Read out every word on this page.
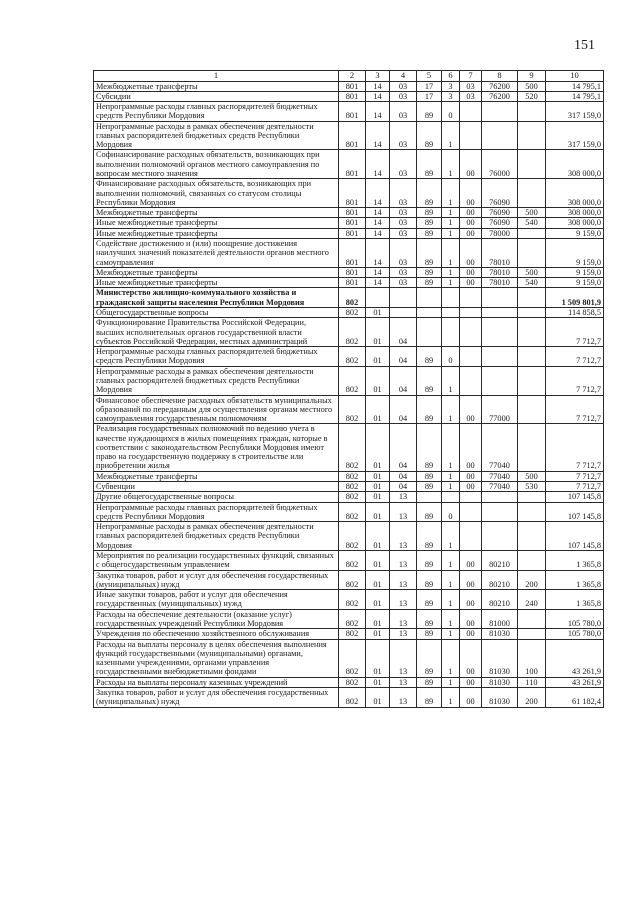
151
1	2	3	4	5	6	7	8	9	10
Межбюджетные трансферты	801	14	03	17	3	03	76200	500	14 795,1
Субсидии	801	14	03	17	3	03	76200	520	14 795,1
Непрограммные расходы главных распорядителей бюджетных средств Республики Мордовия	801	14	03	89	0				317 159,0
Непрограммные расходы в рамках обеспечения деятельности главных распорядителей бюджетных средств Республики Мордовия	801	14	03	89	1				317 159,0
Софинансирование расходных обязательств, возникающих при выполнении полномочий органов местного самоуправления по вопросам местного значения	801	14	03	89	1	00	76000		308 000,0
Финансирование расходных обязательств, возникающих при выполнении полномочий, связанных со статусом столицы Республики Мордовия	801	14	03	89	1	00	76090		308 000,0
Межбюджетные трансферты	801	14	03	89	1	00	76090	500	308 000,0
Иные межбюджетные трансферты	801	14	03	89	1	00	76090	540	308 000,0
Иные межбюджетные трансферты	801	14	03	89	1	00	78000		9 159,0
Содействие достижению и (или) поощрение достижения наилучших значений показателей деятельности органов местного самоуправления	801	14	03	89	1	00	78010		9 159,0
Межбюджетные трансферты	801	14	03	89	1	00	78010	500	9 159,0
Иные межбюджетные трансферты	801	14	03	89	1	00	78010	540	9 159,0
Министерство жилищно-коммунального хозяйства и гражданской защиты населения Республики Мордовия	802								1 509 801,9
Общегосударственные вопросы	802	01							114 858,5
Функционирование Правительства Российской Федерации, высших исполнительных органов государственной власти субъектов Российской Федерации, местных администраций	802	01	04						7 712,7
Непрограммные расходы главных распорядителей бюджетных средств Республики Мордовия	802	01	04	89	0				7 712,7
Непрограммные расходы в рамках обеспечения деятельности главных распорядителей бюджетных средств Республики Мордовия	802	01	04	89	1				7 712,7
Финансовое обеспечение расходных обязательств муниципальных образований по переданным для осуществления органам местного самоуправления государственным полномочиям	802	01	04	89	1	00	77000		7 712,7
Реализация государственных полномочий по ведению учета в качестве нуждающихся в жилых помещениях граждан, которые в соответствии с законодательством Республики Мордовия имеют право на государственную поддержку в строительстве или приобретении жилья	802	01	04	89	1	00	77040		7 712,7
Межбюджетные трансферты	802	01	04	89	1	00	77040	500	7 712,7
Субвенции	802	01	04	89	1	00	77040	530	7 712,7
Другие общегосударственные вопросы	802	01	13						107 145,8
Непрограммные расходы главных распорядителей бюджетных средств Республики Мордовия	802	01	13	89	0				107 145,8
Непрограммные расходы в рамках обеспечения деятельности главных распорядителей бюджетных средств Республики Мордовия	802	01	13	89	1				107 145,8
Мероприятия по реализации государственных функций, связанных с общегосударственным управлением	802	01	13	89	1	00	80210		1 365,8
Закупка товаров, работ и услуг для обеспечения государственных (муниципальных) нужд	802	01	13	89	1	00	80210	200	1 365,8
Иные закупки товаров, работ и услуг для обеспечения государственных (муниципальных) нужд	802	01	13	89	1	00	80210	240	1 365,8
Расходы на обеспечение деятельности (оказание услуг) государственных учреждений Республики Мордовия	802	01	13	89	1	00	81000		105 780,0
Учреждения по обеспечению хозяйственного обслуживания	802	01	13	89	1	00	81030		105 780,0
Расходы на выплаты персоналу в целях обеспечения выполнения функций государственными (муниципальными) органами, казенными учреждениями, органами управления государственными внебюджетными фондами	802	01	13	89	1	00	81030	100	43 261,9
Расходы на выплаты персоналу казенных учреждений	802	01	13	89	1	00	81030	110	43 261,9
Закупка товаров, работ и услуг для обеспечения государственных (муниципальных) нужд	802	01	13	89	1	00	81030	200	61 182,4
